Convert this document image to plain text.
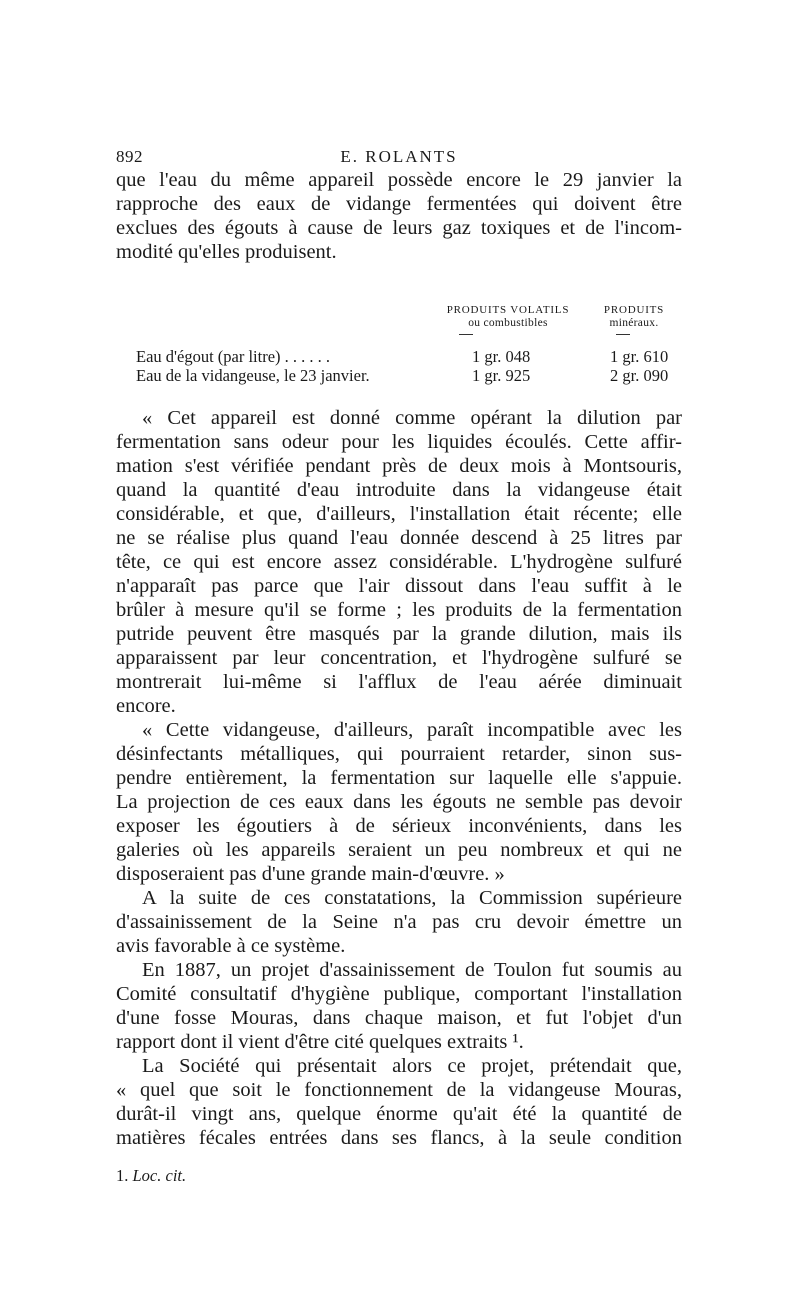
892	E. ROLANTS

que l'eau du même appareil possède encore le 29 janvier la

rapproche des eaux de vidange fermentées qui doivent être

exclues des égouts à cause de leurs gaz toxiques et de l'incom-

modité qu'elles produisent.

PRODUITS VOLATILS
ou combustibles
PRODUITS
minéraux.
Eau d'égout (par litre) . . . . . .	1 gr. 048	1 gr. 610
Eau de la vidangeuse, le 23 janvier.	1 gr. 925	2 gr. 090

« Cet appareil est donné comme opérant la dilution par

fermentation sans odeur pour les liquides écoulés. Cette affir-

mation s'est vérifiée pendant près de deux mois à Montsouris,

quand la quantité d'eau introduite dans la vidangeuse était

considérable, et que, d'ailleurs, l'installation était récente; elle

ne se réalise plus quand l'eau donnée descend à 25 litres par

tête, ce qui est encore assez considérable. L'hydrogène sulfuré

n'apparaît pas parce que l'air dissout dans l'eau suffit à le

brûler à mesure qu'il se forme ; les produits de la fermentation

putride peuvent être masqués par la grande dilution, mais ils

apparaissent par leur concentration, et l'hydrogène sulfuré se

montrerait lui-même si l'afflux de l'eau aérée diminuait

encore.

« Cette vidangeuse, d'ailleurs, paraît incompatible avec les

désinfectants métalliques, qui pourraient retarder, sinon sus-

pendre entièrement, la fermentation sur laquelle elle s'appuie.

La projection de ces eaux dans les égouts ne semble pas devoir

exposer les égoutiers à de sérieux inconvénients, dans les

galeries où les appareils seraient un peu nombreux et qui ne

disposeraient pas d'une grande main-d'œuvre. »

A la suite de ces constatations, la Commission supérieure

d'assainissement de la Seine n'a pas cru devoir émettre un

avis favorable à ce système.

En 1887, un projet d'assainissement de Toulon fut soumis au

Comité consultatif d'hygiène publique, comportant l'installation

d'une fosse Mouras, dans chaque maison, et fut l'objet d'un

rapport dont il vient d'être cité quelques extraits ¹.

La Société qui présentait alors ce projet, prétendait que,

« quel que soit le fonctionnement de la vidangeuse Mouras,

durât-il vingt ans, quelque énorme qu'ait été la quantité de

matières fécales entrées dans ses flancs, à la seule condition

1. Loc. cit.
